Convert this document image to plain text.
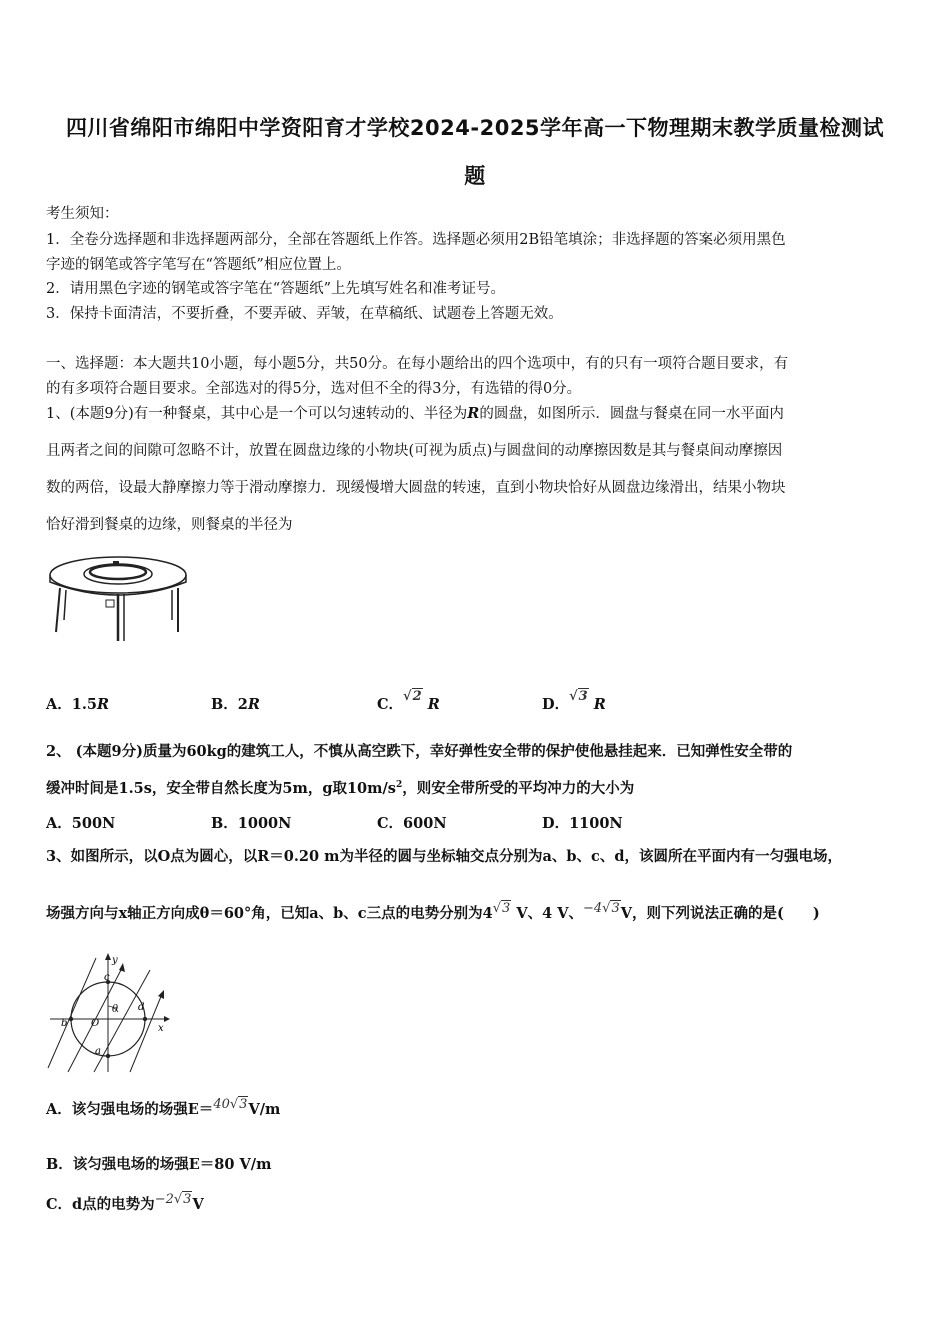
四川省绵阳市绵阳中学资阳育才学校2024-2025学年高一下物理期末教学质量检测试
题
考生须知：
1．全卷分选择题和非选择题两部分，全部在答题纸上作答。选择题必须用2B铅笔填涂；非选择题的答案必须用黑色
字迹的钢笔或答字笔写在“答题纸”相应位置上。
2．请用黑色字迹的钢笔或答字笔在“答题纸”上先填写姓名和准考证号。
3．保持卡面清洁，不要折叠，不要弄破、弄皱，在草稿纸、试题卷上答题无效。
一、选择题：本大题共10小题，每小题5分，共50分。在每小题给出的四个选项中，有的只有一项符合题目要求，有
的有多项符合题目要求。全部选对的得5分，选对但不全的得3分，有选错的得0分。
1、(本题9分)有一种餐桌，其中心是一个可以匀速转动的、半径为R的圆盘，如图所示．圆盘与餐桌在同一水平面内
且两者之间的间隙可忽略不计，放置在圆盘边缘的小物块(可视为质点)与圆盘间的动摩擦因数是其与餐桌间动摩擦因
数的两倍，设最大静摩擦力等于滑动摩擦力．现缓慢增大圆盘的转速，直到小物块恰好从圆盘边缘滑出，结果小物块
恰好滑到餐桌的边缘，则餐桌的半径为
A．1.5R	B．2R	C．√2 R	D．√3 R
2、 (本题9分)质量为60kg的建筑工人，不慎从高空跌下，幸好弹性安全带的保护使他悬挂起来．已知弹性安全带的
缓冲时间是1.5s，安全带自然长度为5m，g取$10m/s^2$，则安全带所受的平均冲力的大小为
A．500N	B．1000N	C．600N	D．1100N
3、如图所示，以O点为圆心，以R＝0.20 m为半径的圆与坐标轴交点分别为a、b、c、d，该圆所在平面内有一匀强电场，
场强方向与x轴正方向成θ＝60°角，已知a、b、c三点的电势分别为4√3 V、4 V、−4√3V，则下列说法正确的是(　　)
y
x
c
d
b
a
O
θ
A．该匀强电场的场强E＝40√3V/m
B．该匀强电场的场强E＝80 V/m
C．d点的电势为−2√3V
